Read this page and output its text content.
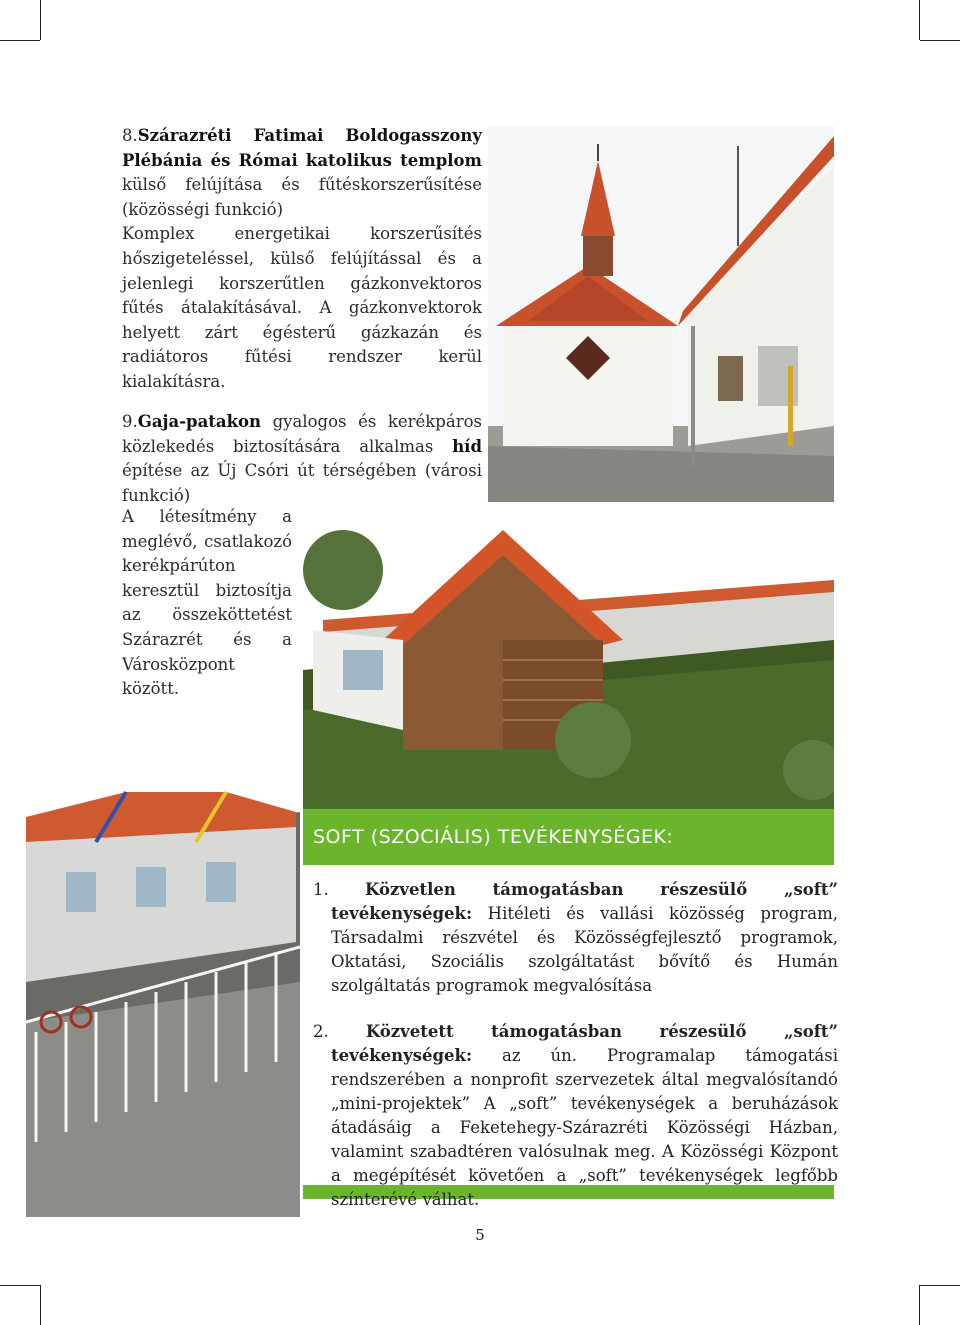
8.Szárazréti Fatimai Boldogasszony Plébánia és Római katolikus templom külső felújítása és fűtéskorszerűsítése (közösségi funkció)
Komplex energetikai korszerűsítés hőszigeteléssel, külső felújítással és a jelenlegi korszerűtlen gázkonvektoros fűtés átalakításával. A gázkonvektorok helyett zárt égésterű gázkazán és radiátoros fűtési rendszer kerül kialakításra.
9.Gaja-patakon gyalogos és kerékpáros közlekedés biztosítására alkalmas híd építése az Új Csóri út térségében (városi funkció)
A létesítmény a meglévő, csatlakozó kerékpárúton keresztül biztosítja az összeköttetést Szárazrét és a Városközpont között.
SOFT (SZOCIÁLIS) TEVÉKENYSÉGEK:
1. Közvetlen támogatásban részesülő „soft” tevékenységek: Hitéleti és vallási közösség program, Társadalmi részvétel és Közösségfejlesztő programok, Oktatási, Szociális szolgáltatást bővítő és Humán szolgáltatás programok megvalósítása
2. Közvetett támogatásban részesülő „soft” tevékenységek: az ún. Programalap támogatási rendszerében a nonprofit szervezetek által megvalósítandó „mini-projektek” A „soft” tevékenységek a beruházások átadásáig a Feketehegy-Szárazréti Közösségi Házban, valamint szabadtéren valósulnak meg. A Közösségi Központ a megépítését követően a „soft” tevékenységek legfőbb színterévé válhat.
5
